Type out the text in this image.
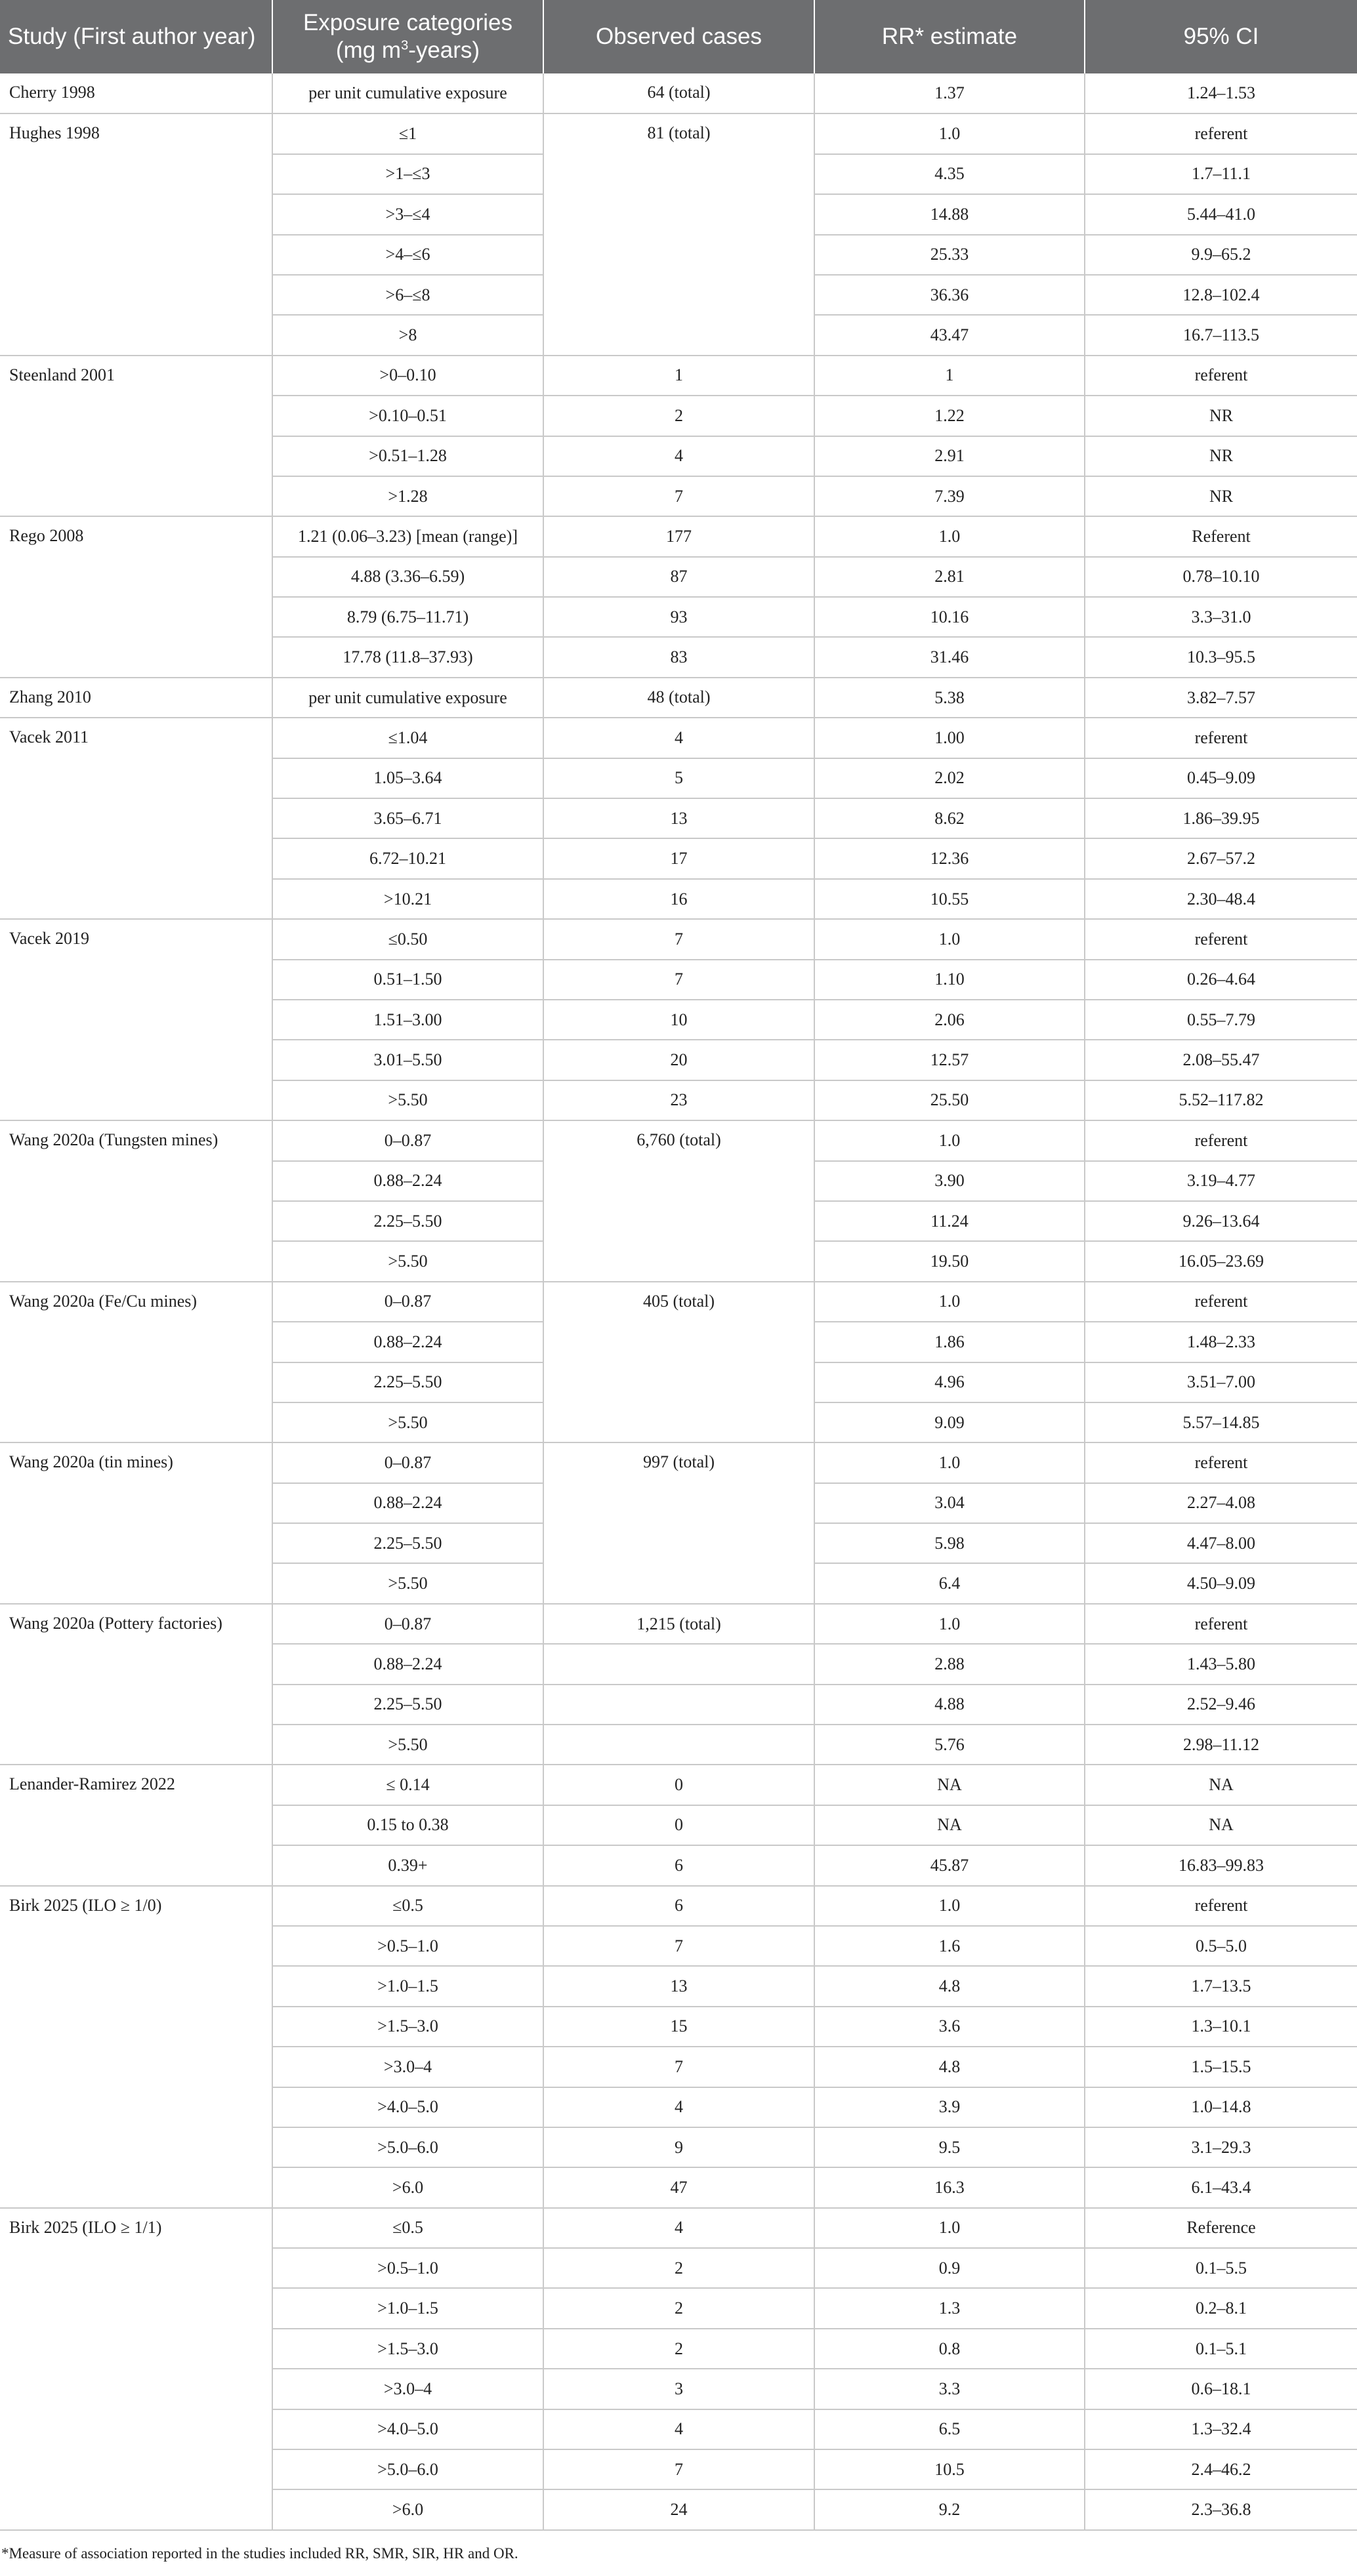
Study (First author year)	Exposure categories (mg $m^3-years$)	Observed cases	RR* estimate	95% CI
Cherry 1998	per unit cumulative exposure	64 (total)	1.37	1.24–1.53
Hughes 1998	≤1	81 (total)	1.0	referent
	>1–≤3		4.35	1.7–11.1
	>3–≤4		14.88	5.44–41.0
	>4–≤6		25.33	9.9–65.2
	>6–≤8		36.36	12.8–102.4
	>8		43.47	16.7–113.5
Steenland 2001	>0–0.10	1	1	referent
	>0.10–0.51	2	1.22	NR
	>0.51–1.28	4	2.91	NR
	>1.28	7	7.39	NR
Rego 2008	1.21 (0.06–3.23) [mean (range)]	177	1.0	Referent
	4.88 (3.36–6.59)	87	2.81	0.78–10.10
	8.79 (6.75–11.71)	93	10.16	3.3–31.0
	17.78 (11.8–37.93)	83	31.46	10.3–95.5
Zhang 2010	per unit cumulative exposure	48 (total)	5.38	3.82–7.57
Vacek 2011	≤1.04	4	1.00	referent
	1.05–3.64	5	2.02	0.45–9.09
	3.65–6.71	13	8.62	1.86–39.95
	6.72–10.21	17	12.36	2.67–57.2
	>10.21	16	10.55	2.30–48.4
Vacek 2019	≤0.50	7	1.0	referent
	0.51–1.50	7	1.10	0.26–4.64
	1.51–3.00	10	2.06	0.55–7.79
	3.01–5.50	20	12.57	2.08–55.47
	>5.50	23	25.50	5.52–117.82
Wang 2020a (Tungsten mines)	0–0.87	6,760 (total)	1.0	referent
	0.88–2.24		3.90	3.19–4.77
	2.25–5.50		11.24	9.26–13.64
	>5.50		19.50	16.05–23.69
Wang 2020a (Fe/Cu mines)	0–0.87	405 (total)	1.0	referent
	0.88–2.24		1.86	1.48–2.33
	2.25–5.50		4.96	3.51–7.00
	>5.50		9.09	5.57–14.85
Wang 2020a (tin mines)	0–0.87	997 (total)	1.0	referent
	0.88–2.24		3.04	2.27–4.08
	2.25–5.50		5.98	4.47–8.00
	>5.50		6.4	4.50–9.09
Wang 2020a (Pottery factories)	0–0.87	1,215 (total)	1.0	referent
	0.88–2.24		2.88	1.43–5.80
	2.25–5.50		4.88	2.52–9.46
	>5.50		5.76	2.98–11.12
Lenander-Ramirez 2022	≤ 0.14	0	NA	NA
	0.15 to 0.38	0	NA	NA
	0.39+	6	45.87	16.83–99.83
Birk 2025 (ILO ≥ 1/0)	≤0.5	6	1.0	referent
	>0.5–1.0	7	1.6	0.5–5.0
	>1.0–1.5	13	4.8	1.7–13.5
	>1.5–3.0	15	3.6	1.3–10.1
	>3.0–4	7	4.8	1.5–15.5
	>4.0–5.0	4	3.9	1.0–14.8
	>5.0–6.0	9	9.5	3.1–29.3
	>6.0	47	16.3	6.1–43.4
Birk 2025 (ILO ≥ 1/1)	≤0.5	4	1.0	Reference
	>0.5–1.0	2	0.9	0.1–5.5
	>1.0–1.5	2	1.3	0.2–8.1
	>1.5–3.0	2	0.8	0.1–5.1
	>3.0–4	3	3.3	0.6–18.1
	>4.0–5.0	4	6.5	1.3–32.4
	>5.0–6.0	7	10.5	2.4–46.2
	>6.0	24	9.2	2.3–36.8
*Measure of association reported in the studies included RR, SMR, SIR, HR and OR.
